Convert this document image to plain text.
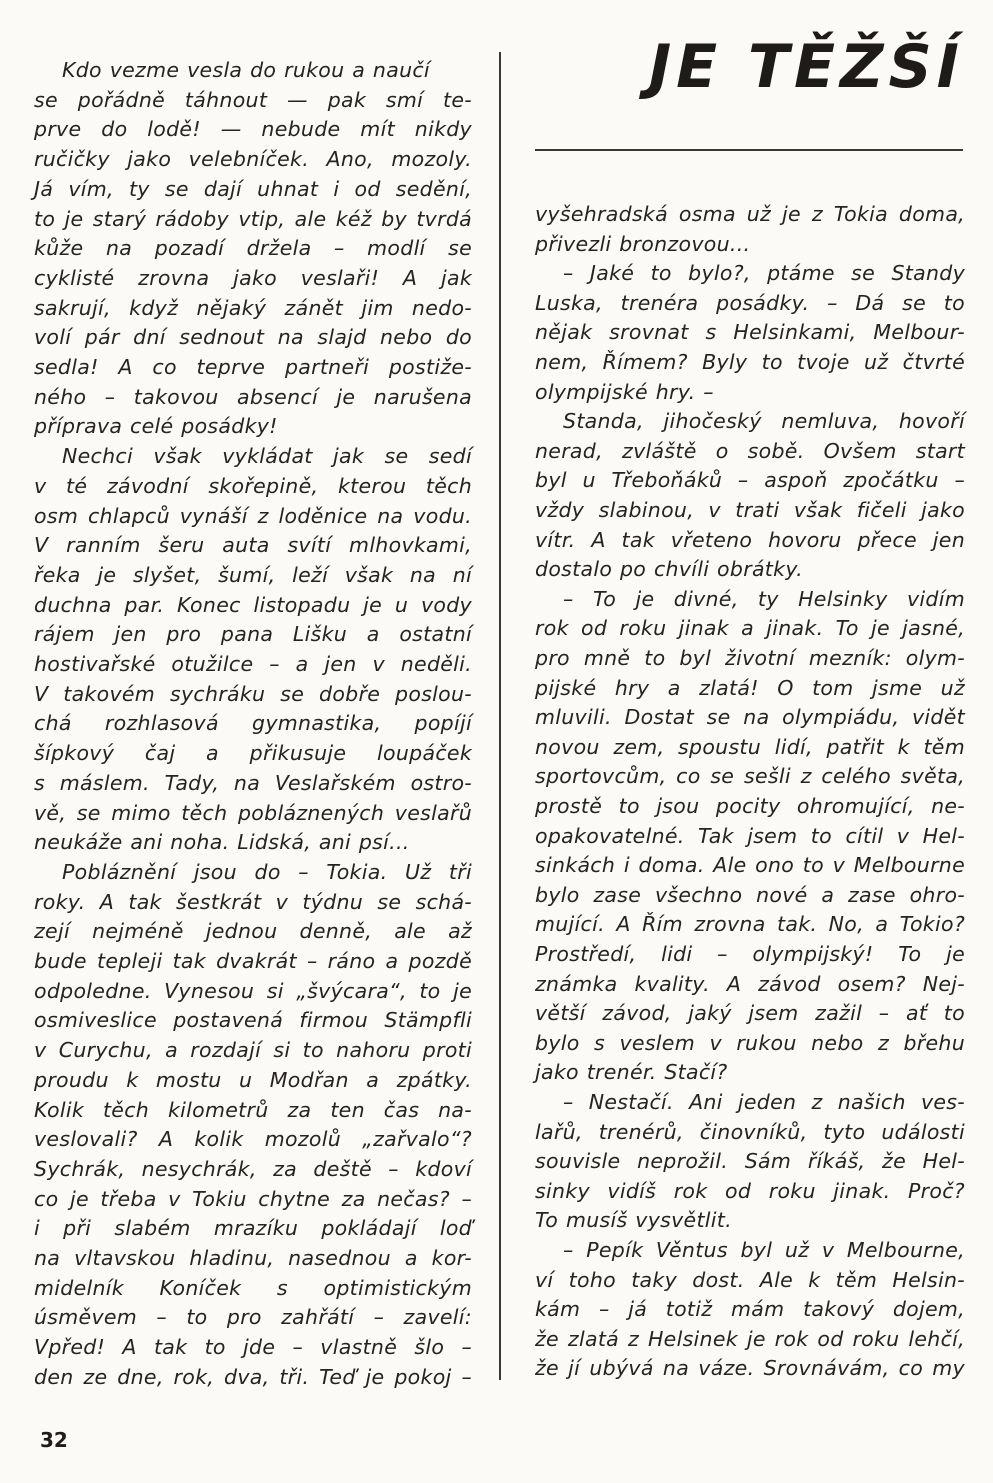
JE TĚŽŠÍ
Kdo vezme vesla do rukou a naučí
se pořádně táhnout — pak smí te-
prve do lodě! — nebude mít nikdy
ručičky jako velebníček. Ano, mozoly.
Já vím, ty se dají uhnat i od sedění,
to je starý rádoby vtip, ale kéž by tvrdá
kůže na pozadí držela – modlí se
cyklisté zrovna jako veslaři! A jak
sakrují, když nějaký zánět jim nedo-
volí pár dní sednout na slajd nebo do
sedla! A co teprve partneři postiže-
ného – takovou absencí je narušena
příprava celé posádky!
Nechci však vykládat jak se sedí
v té závodní skořepině, kterou těch
osm chlapců vynáší z loděnice na vodu.
V ranním šeru auta svítí mlhovkami,
řeka je slyšet, šumí, leží však na ní
duchna par. Konec listopadu je u vody
rájem jen pro pana Lišku a ostatní
hostivařské otužilce – a jen v neděli.
V takovém sychráku se dobře poslou-
chá rozhlasová gymnastika, popíjí
šípkový čaj a přikusuje loupáček
s máslem. Tady, na Veslařském ostro-
vě, se mimo těch pobláznených veslařů
neukáže ani noha. Lidská, ani psí...
Pobláznění jsou do – Tokia. Už tři
roky. A tak šestkrát v týdnu se schá-
zejí nejméně jednou denně, ale až
bude tepleji tak dvakrát – ráno a pozdě
odpoledne. Vynesou si „švýcara“, to je
osmiveslice postavená firmou Stämpfli
v Curychu, a rozdají si to nahoru proti
proudu k mostu u Modřan a zpátky.
Kolik těch kilometrů za ten čas na-
veslovali? A kolik mozolů „zařvalo“?
Sychrák, nesychrák, za deště – kdoví
co je třeba v Tokiu chytne za nečas? –
i při slabém mrazíku pokládají loď
na vltavskou hladinu, nasednou a kor-
midelník Koníček s optimistickým
úsměvem – to pro zahřátí – zavelí:
Vpřed! A tak to jde – vlastně šlo –
den ze dne, rok, dva, tři. Teď je pokoj –
vyšehradská osma už je z Tokia doma,
přivezli bronzovou...
– Jaké to bylo?, ptáme se Standy
Luska, trenéra posádky. – Dá se to
nějak srovnat s Helsinkami, Melbour-
nem, Římem? Byly to tvoje už čtvrté
olympijské hry. –
Standa, jihočeský nemluva, hovoří
nerad, zvláště o sobě. Ovšem start
byl u Třeboňáků – aspoň zpočátku –
vždy slabinou, v trati však fičeli jako
vítr. A tak vřeteno hovoru přece jen
dostalo po chvíli obrátky.
– To je divné, ty Helsinky vidím
rok od roku jinak a jinak. To je jasné,
pro mně to byl životní mezník: olym-
pijské hry a zlatá! O tom jsme už
mluvili. Dostat se na olympiádu, vidět
novou zem, spoustu lidí, patřit k těm
sportovcům, co se sešli z celého světa,
prostě to jsou pocity ohromující, ne-
opakovatelné. Tak jsem to cítil v Hel-
sinkách i doma. Ale ono to v Melbourne
bylo zase všechno nové a zase ohro-
mující. A Řím zrovna tak. No, a Tokio?
Prostředí, lidi – olympijský! To je
známka kvality. A závod osem? Nej-
větší závod, jaký jsem zažil – ať to
bylo s veslem v rukou nebo z břehu
jako trenér. Stačí?
– Nestačí. Ani jeden z našich ves-
lařů, trenérů, činovníků, tyto události
souvisle neprožil. Sám říkáš, že Hel-
sinky vidíš rok od roku jinak. Proč?
To musíš vysvětlit.
– Pepík Věntus byl už v Melbourne,
ví toho taky dost. Ale k těm Helsin-
kám – já totiž mám takový dojem,
že zlatá z Helsinek je rok od roku lehčí,
že jí ubývá na váze. Srovnávám, co my
32
